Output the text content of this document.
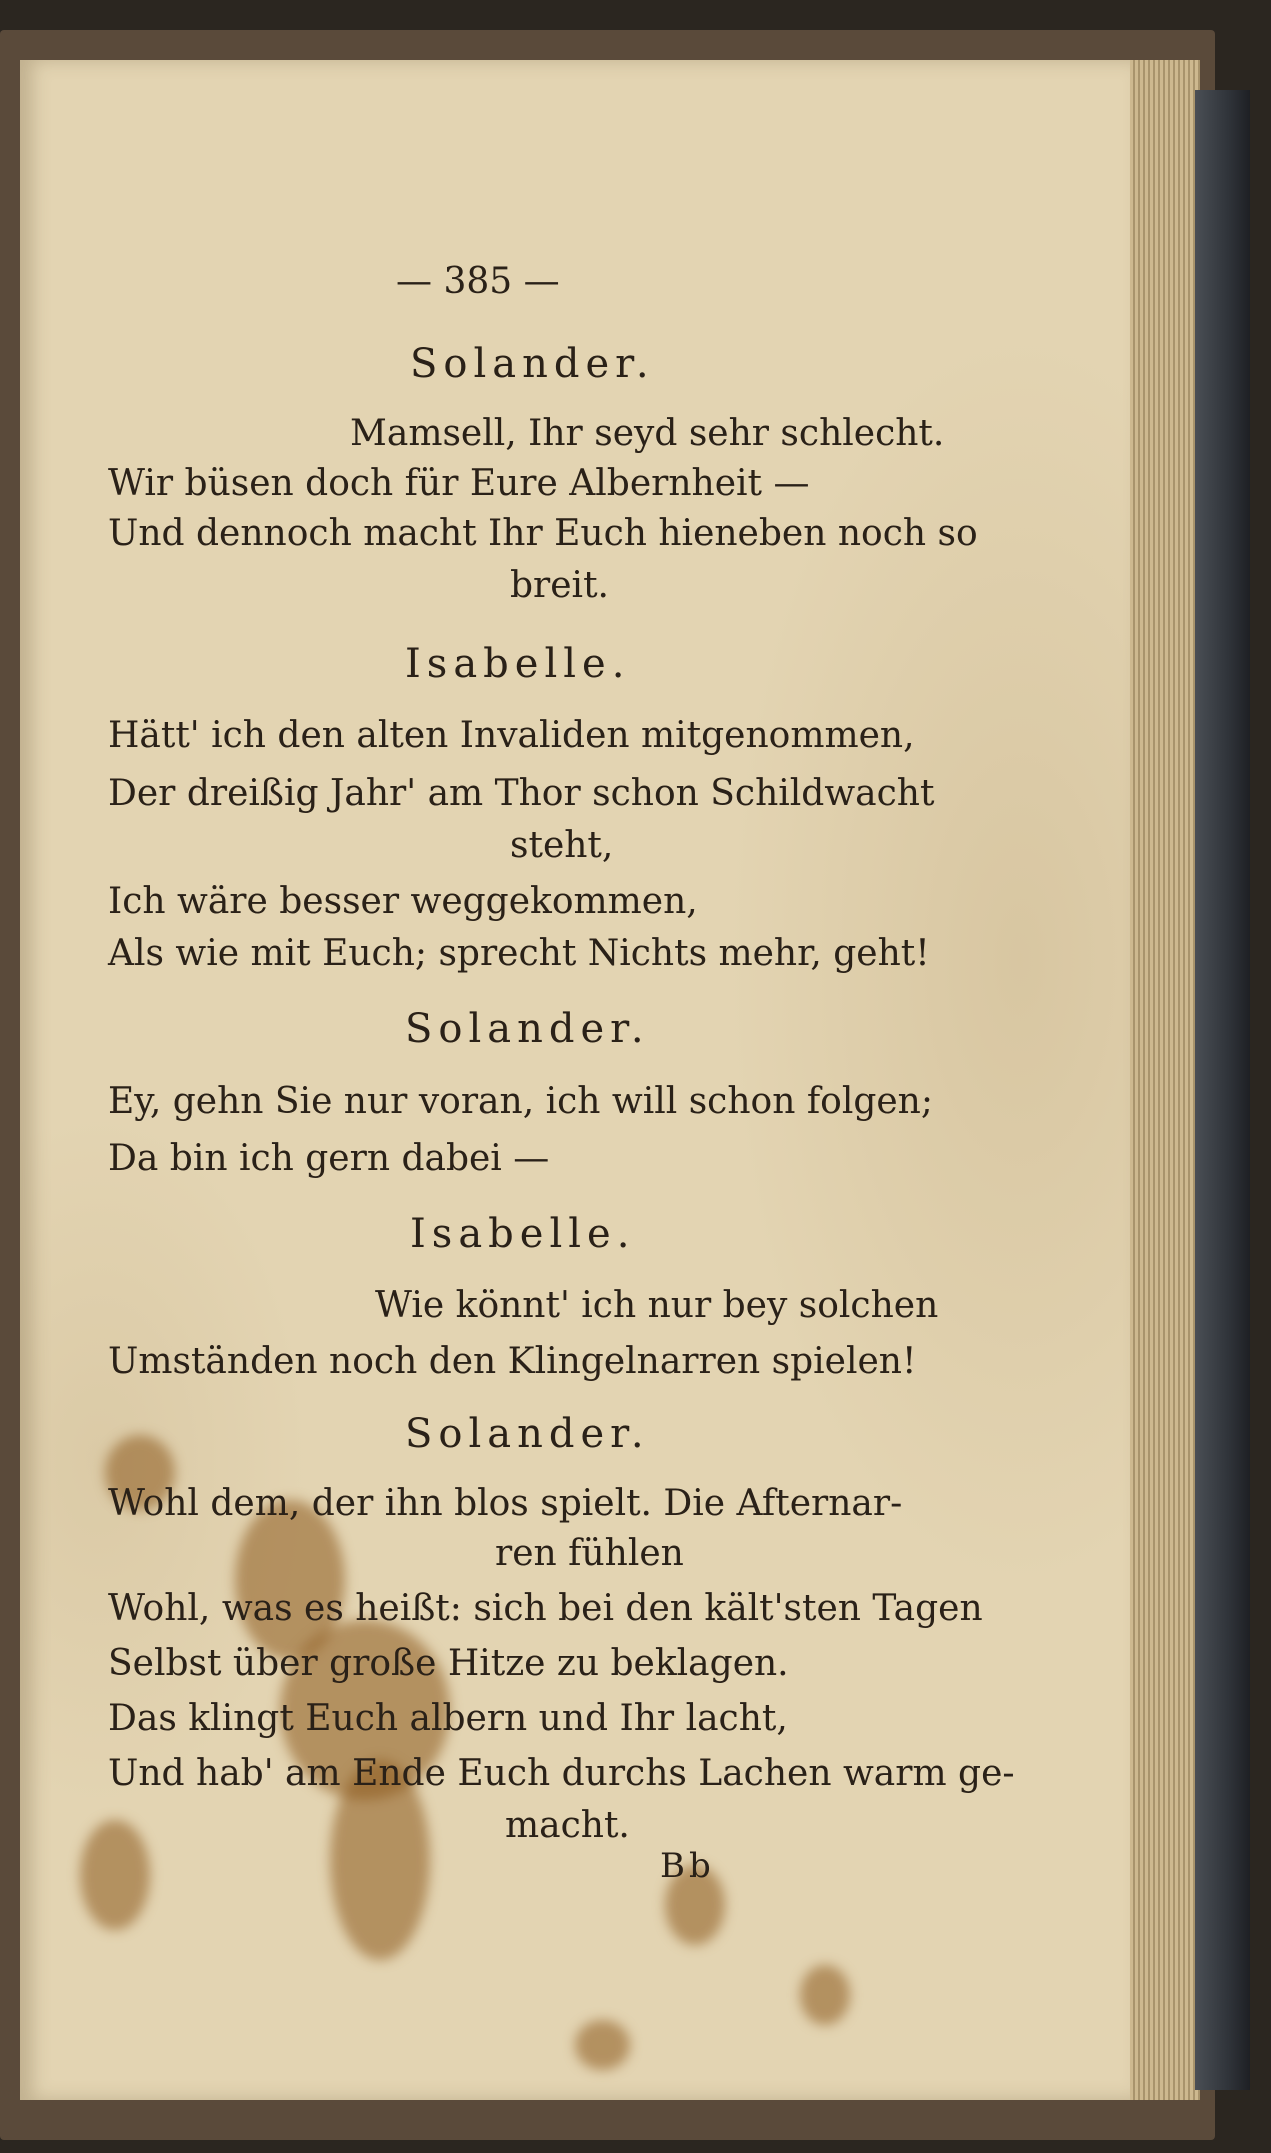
— 385 —
Solander.
Mamsell, Ihr seyd sehr schlecht.
Wir büsen doch für Eure Albernheit —
Und dennoch macht Ihr Euch hieneben noch so
breit.
Isabelle.
Hätt' ich den alten Invaliden mitgenommen,
Der dreißig Jahr' am Thor schon Schildwacht
steht,
Ich wäre besser weggekommen,
Als wie mit Euch; sprecht Nichts mehr, geht!
Solander.
Ey, gehn Sie nur voran, ich will schon folgen;
Da bin ich gern dabei —
Isabelle.
Wie könnt' ich nur bey solchen
Umständen noch den Klingelnarren spielen!
Solander.
Wohl dem, der ihn blos spielt. Die Afternar-
ren fühlen
Wohl, was es heißt: sich bei den kält'sten Tagen
Selbst über große Hitze zu beklagen.
Das klingt Euch albern und Ihr lacht,
Und hab' am Ende Euch durchs Lachen warm ge-
macht.
Bb
